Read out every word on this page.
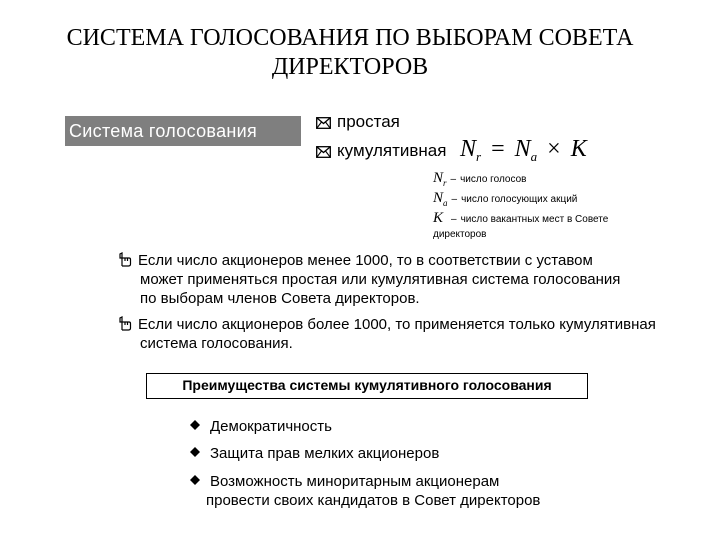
СИСТЕМА ГОЛОСОВАНИЯ ПО ВЫБОРАМ СОВЕТА
ДИРЕКТОРОВ
Система голосования	простая
кумулятивная $N_r = N_a \times K$
$N_r$ – число голосов
$N_a$ – число голосующих акций
K – число вакантных мест в Совете
директоров
Если число акционеров менее 1000, то в соответствии с уставом
может применяться простая или кумулятивная система голосования
по выборам членов Совета директоров.
Если число акционеров более 1000, то применяется только кумулятивная
система голосования.
Преимущества системы кумулятивного голосования
Демократичность
Защита прав мелких акционеров
Возможность миноритарным акционерам
провести своих кандидатов в Совет директоров
